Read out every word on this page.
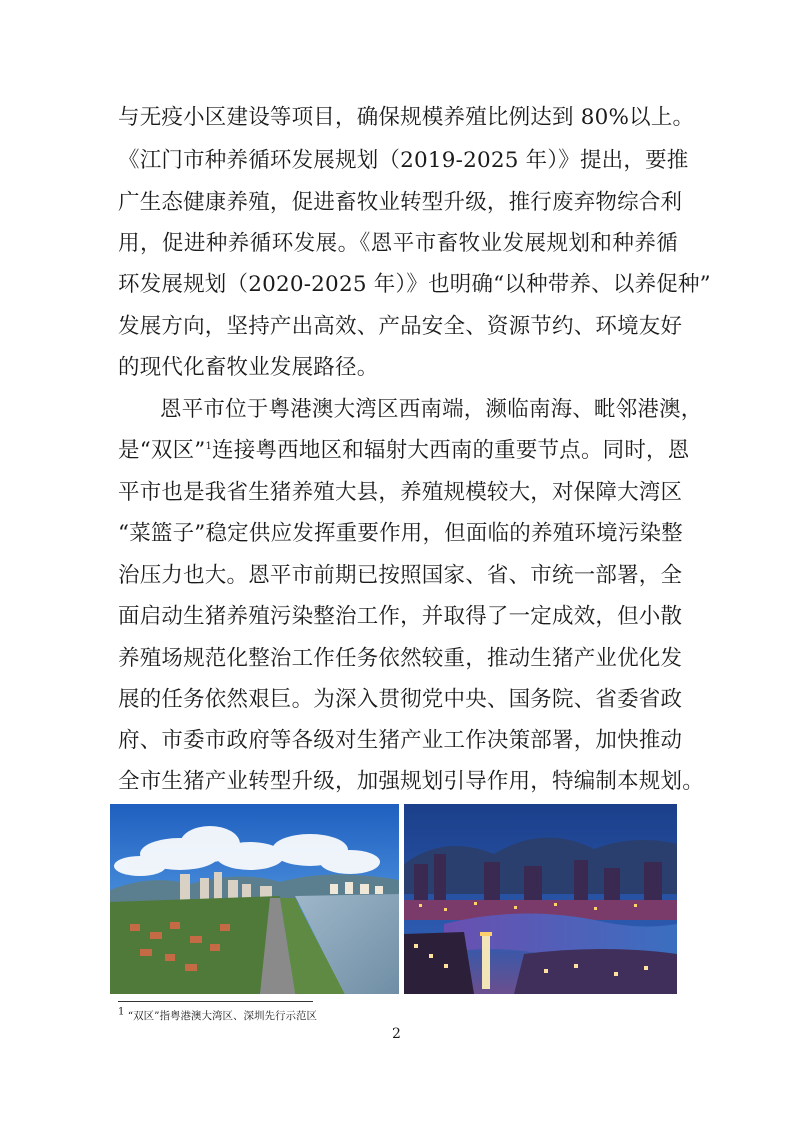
与无疫小区建设等项目，确保规模养殖比例达到 80%以上。
《江门市种养循环发展规划（2019-2025 年）》提出，要推
广生态健康养殖，促进畜牧业转型升级，推行废弃物综合利
用，促进种养循环发展。《恩平市畜牧业发展规划和种养循
环发展规划（2020-2025 年）》也明确“以种带养、以养促种”
发展方向，坚持产出高效、产品安全、资源节约、环境友好
的现代化畜牧业发展路径。
恩平市位于粤港澳大湾区西南端，濒临南海、毗邻港澳，
是“双区”$^1$连接粤西地区和辐射大西南的重要节点。同时，恩
平市也是我省生猪养殖大县，养殖规模较大，对保障大湾区
“菜篮子”稳定供应发挥重要作用，但面临的养殖环境污染整
治压力也大。恩平市前期已按照国家、省、市统一部署，全
面启动生猪养殖污染整治工作，并取得了一定成效，但小散
养殖场规范化整治工作任务依然较重，推动生猪产业优化发
展的任务依然艰巨。为深入贯彻党中央、国务院、省委省政
府、市委市政府等各级对生猪产业工作决策部署，加快推动
全市生猪产业转型升级，加强规划引导作用，特编制本规划。
$^1$ “双区”指粤港澳大湾区、深圳先行示范区
2
